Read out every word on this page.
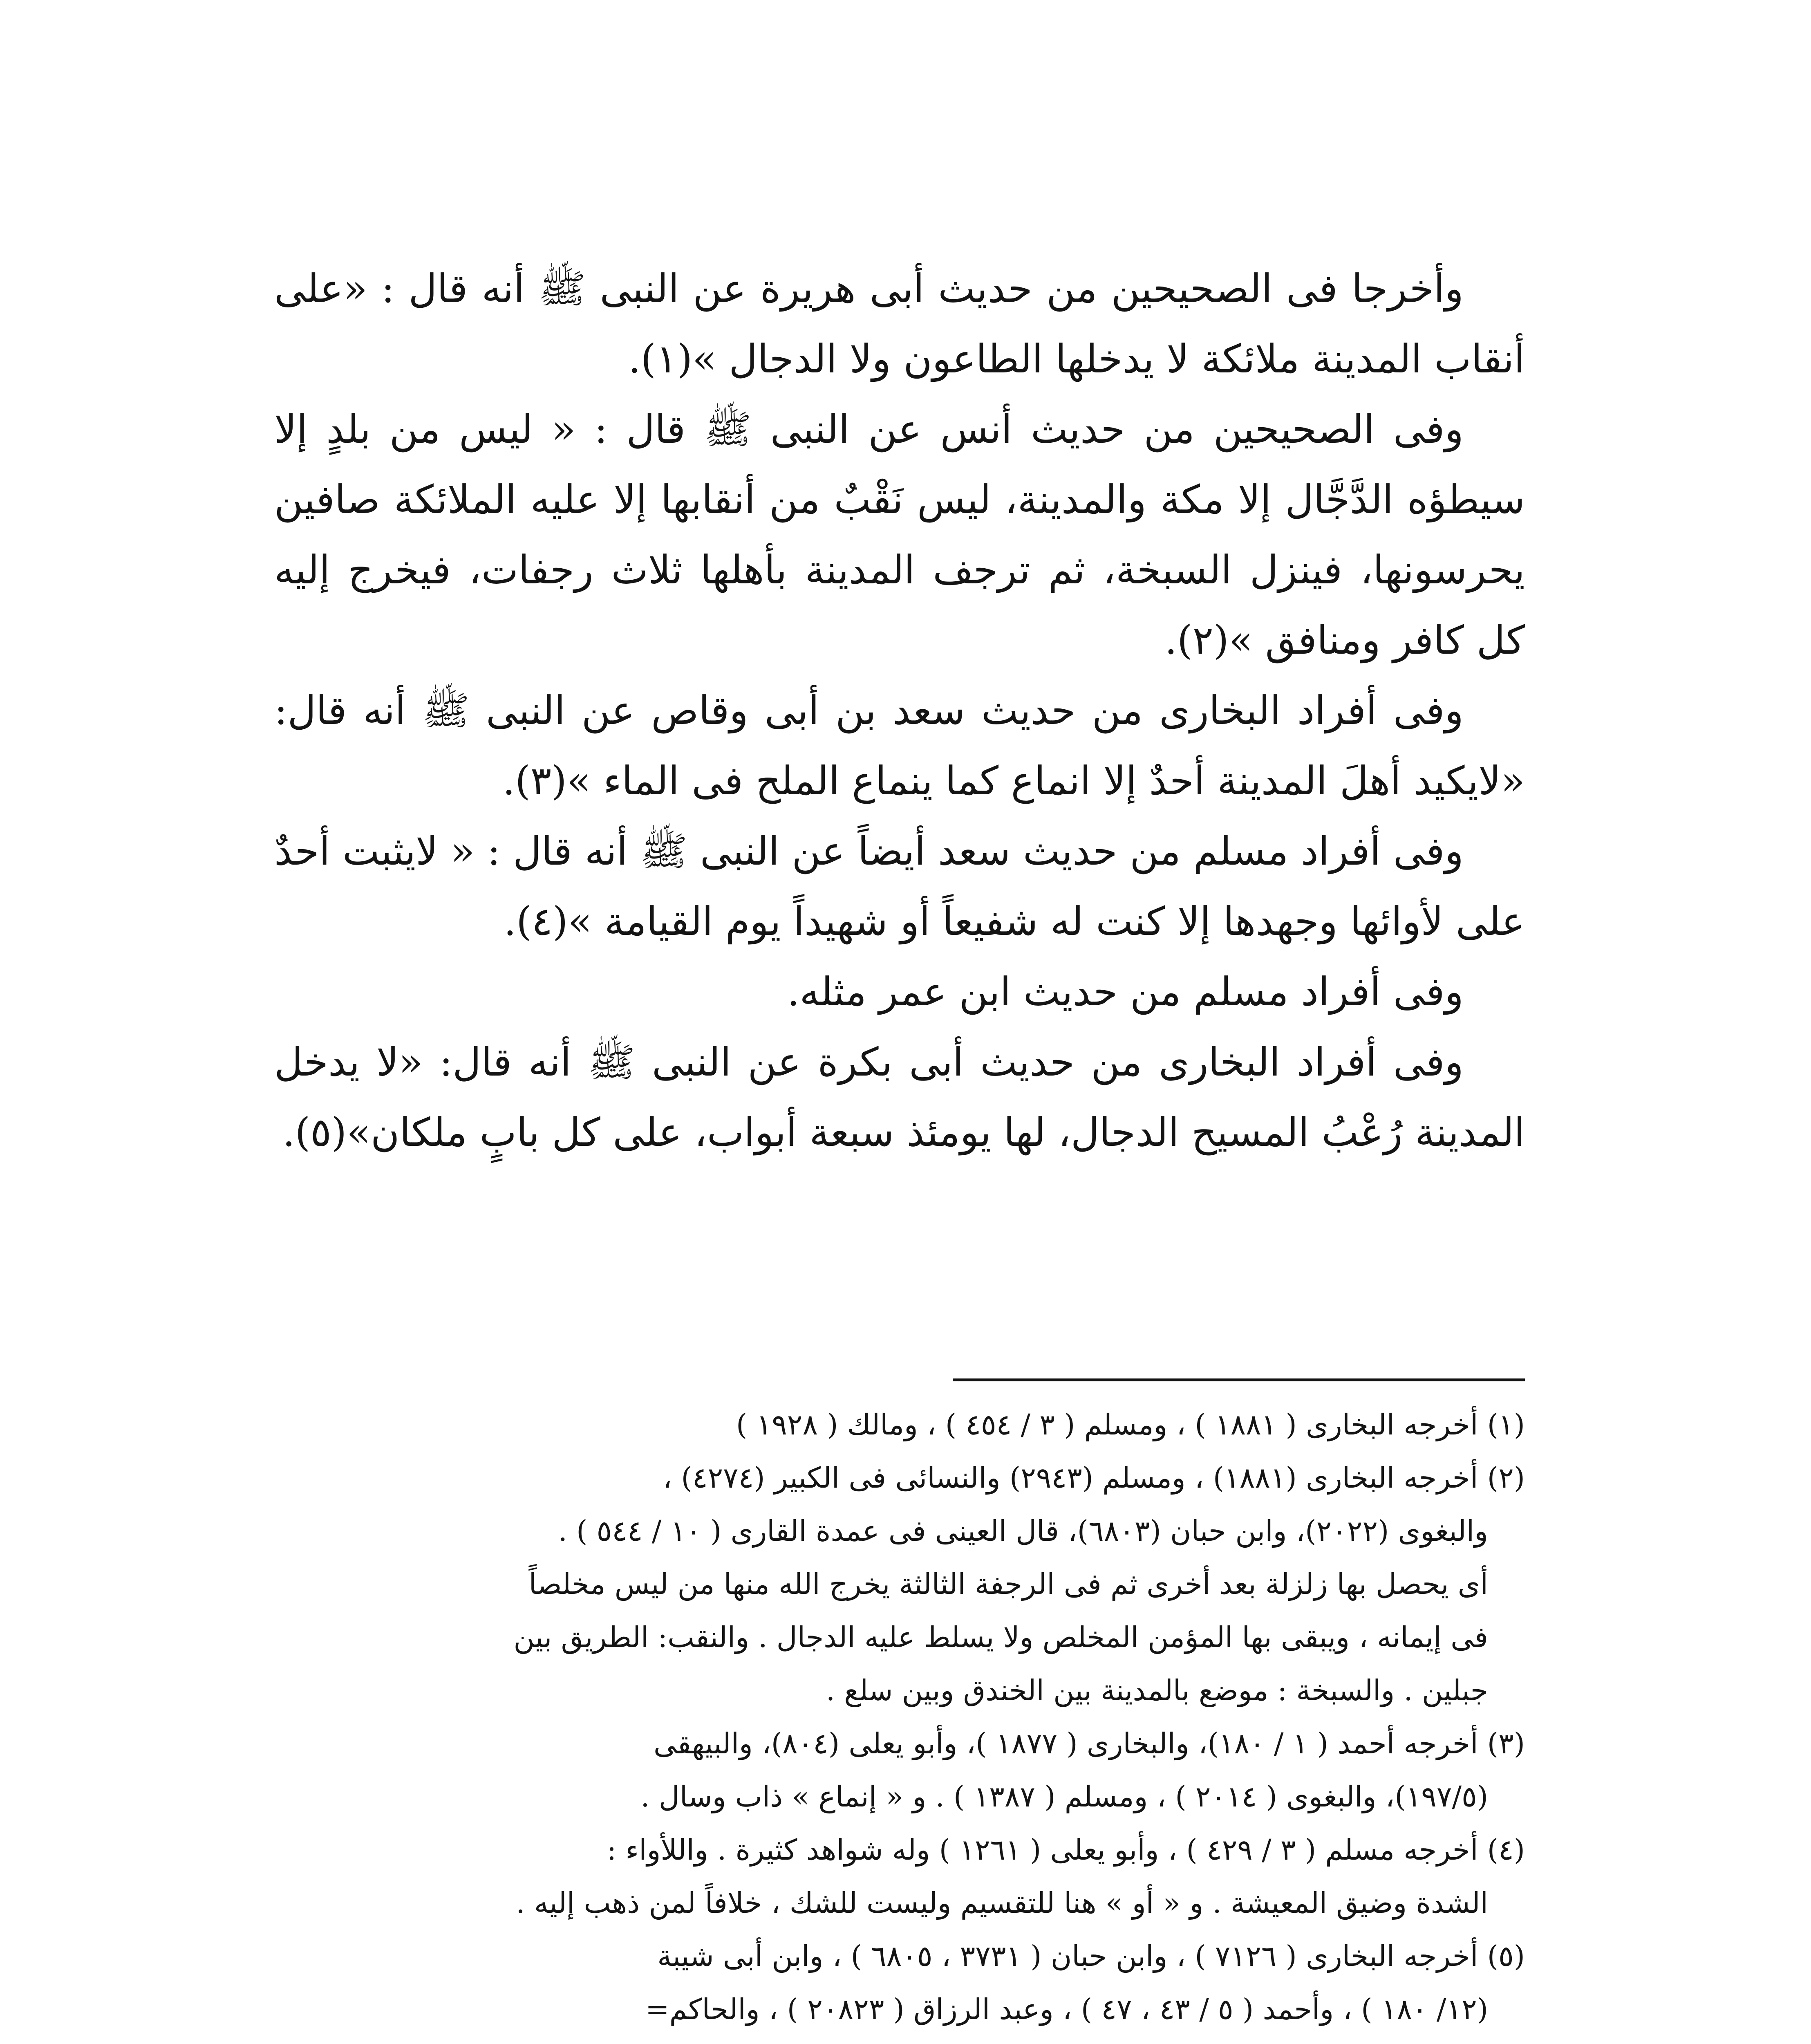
وأخرجا فى الصحيحين من حديث أبى هريرة عن النبى ﷺ أنه قال : «على أنقاب المدينة ملائكة لا يدخلها الطاعون ولا الدجال »(١).

وفى الصحيحين من حديث أنس عن النبى ﷺ قال : « ليس من بلدٍ إلا سيطؤه الدَّجَّال إلا مكة والمدينة، ليس نَقْبٌ من أنقابها إلا عليه الملائكة صافين يحرسونها، فينزل السبخة، ثم ترجف المدينة بأهلها ثلاث رجفات، فيخرج إليه كل كافر ومنافق »(٢).

وفى أفراد البخارى من حديث سعد بن أبى وقاص عن النبى ﷺ أنه قال: «لايكيد أهلَ المدينة أحدٌ إلا انماع كما ينماع الملح فى الماء »(٣).

وفى أفراد مسلم من حديث سعد أيضاً عن النبى ﷺ أنه قال : « لايثبت أحدٌ على لأوائها وجهدها إلا كنت له شفيعاً أو شهيداً يوم القيامة »(٤).

وفى أفراد مسلم من حديث ابن عمر مثله.

وفى أفراد البخارى من حديث أبى بكرة عن النبى ﷺ أنه قال: «لا يدخل المدينة رُعْبُ المسيح الدجال، لها يومئذ سبعة أبواب، على كل بابٍ ملكان»(٥).

(١) أخرجه البخارى ( ١٨٨١ ) ، ومسلم ( ٣ / ٤٥٤ ) ، ومالك ( ١٩٢٨ )
(٢) أخرجه البخارى (١٨٨١) ، ومسلم (٢٩٤٣) والنسائى فى الكبير (٤٢٧٤) ،
والبغوى (٢٠٢٢)، وابن حبان (٦٨٠٣)، قال العينى فى عمدة القارى ( ١٠ / ٥٤٤ ) .
أى يحصل بها زلزلة بعد أخرى ثم فى الرجفة الثالثة يخرج الله منها من ليس مخلصاً
فى إيمانه ، ويبقى بها المؤمن المخلص ولا يسلط عليه الدجال . والنقب: الطريق بين
جبلين . والسبخة : موضع بالمدينة بين الخندق وبين سلع .
(٣) أخرجه أحمد ( ١ / ١٨٠)، والبخارى ( ١٨٧٧ )، وأبو يعلى (٨٠٤)، والبيهقى
(١٩٧/٥)، والبغوى ( ٢٠١٤ ) ، ومسلم ( ١٣٨٧ ) . و « إنماع » ذاب وسال .
(٤) أخرجه مسلم ( ٣ / ٤٢٩ ) ، وأبو يعلى ( ١٢٦١ ) وله شواهد كثيرة . واللأواء :
الشدة وضيق المعيشة . و « أو » هنا للتقسيم وليست للشك ، خلافاً لمن ذهب إليه .
(٥) أخرجه البخارى ( ٧١٢٦ ) ، وابن حبان ( ٣٧٣١ ، ٦٨٠٥ ) ، وابن أبى شيبة
(١٢/ ١٨٠ ) ، وأحمد ( ٥ / ٤٣ ، ٤٧ ) ، وعبد الرزاق ( ٢٠٨٢٣ ) ، والحاكم=
